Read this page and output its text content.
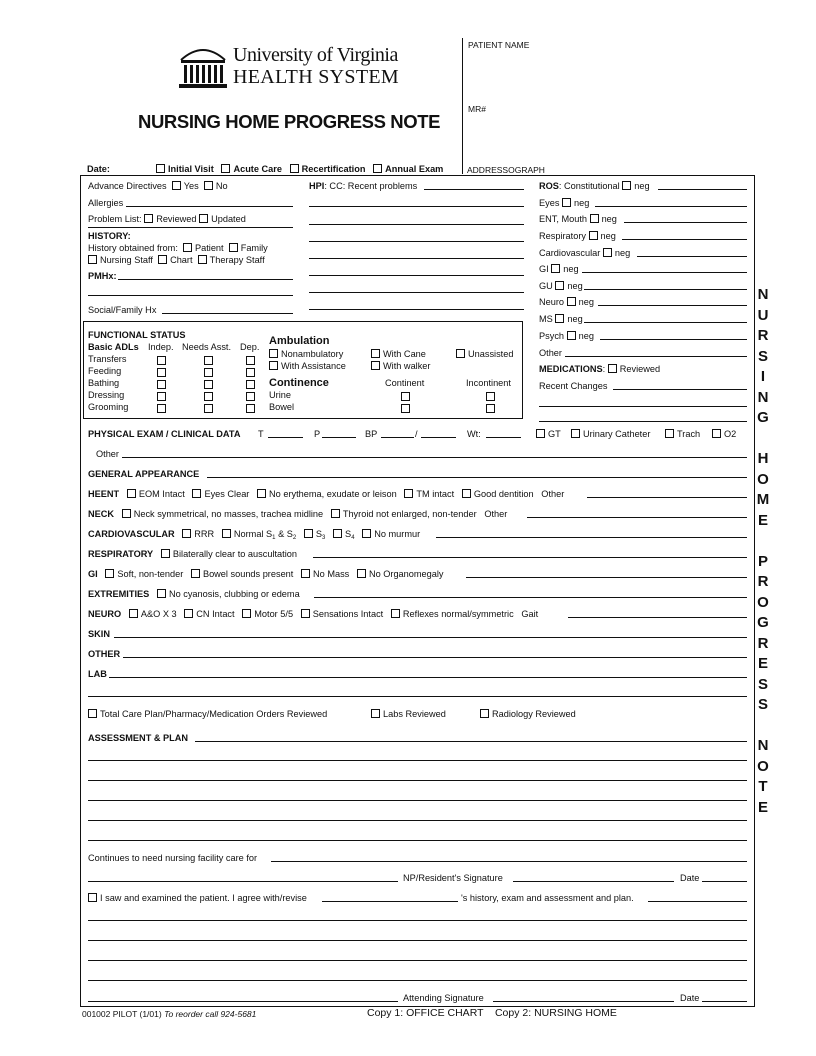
University of Virginia
HEALTH SYSTEM
NURSING HOME PROGRESS NOTE
PATIENT NAME
MR#
ADDRESSOGRAPH
Date:	Initial Visit Acute Care Recertification Annual Exam
Advance Directives Yes No
Allergies
Problem List: Reviewed Updated
HISTORY:
History obtained from: Patient Family
Nursing Staff Chart Therapy Staff
PMHx:
Social/Family Hx
HPI: CC: Recent problems	ROS: Constitutional neg
Eyes neg
ENT, Mouth neg
Respiratory neg
Cardiovascular neg
GI neg
GU neg
Neuro neg
MS neg
Psych neg
Other
MEDICATIONS: Reviewed
Recent Changes
FUNCTIONAL STATUS
Basic ADLs Indep. Needs Asst. Dep.
Transfers
Feeding
Bathing
Dressing
Grooming
Ambulation
Nonambulatory	With Cane	Unassisted
With Assistance	With walker
Continence	Continent	Incontinent
Urine
Bowel
PHYSICAL EXAM / CLINICAL DATA T	P	BP	/	Wt:	GT	Urinary Catheter	Trach	O2
Other
GENERAL APPEARANCE
HEENT EOM Intact Eyes Clear No erythema, exudate or leison TM intact Good dentition Other
NECK Neck symmetrical, no masses, trachea midline Thyroid not enlarged, non-tender Other
CARDIOVASCULAR RRR Normal $S_1$ & $S_2$ $S_3$ $S_4$ No murmur
RESPIRATORY Bilaterally clear to auscultation
GI Soft, non-tender Bowel sounds present No Mass No Organomegaly
EXTREMITIES No cyanosis, clubbing or edema
NEURO A&O X 3 CN Intact Motor 5/5 Sensations Intact Reflexes normal/symmetric Gait
SKIN
OTHER
LAB
Total Care Plan/Pharmacy/Medication Orders Reviewed	Labs Reviewed	Radiology Reviewed
ASSESSMENT & PLAN
Continues to need nursing facility care for
NP/Resident's Signature	Date
I saw and examined the patient. I agree with/revise	's history, exam and assessment and plan.
Attending Signature	Date
001002 PILOT (1/01) To reorder call 924-5681	Copy 1: OFFICE CHART    Copy 2: NURSING HOME
N
U
R
S
I
N
G
H
O
M
E
P
R
O
G
R
E
S
S
N
O
T
E
